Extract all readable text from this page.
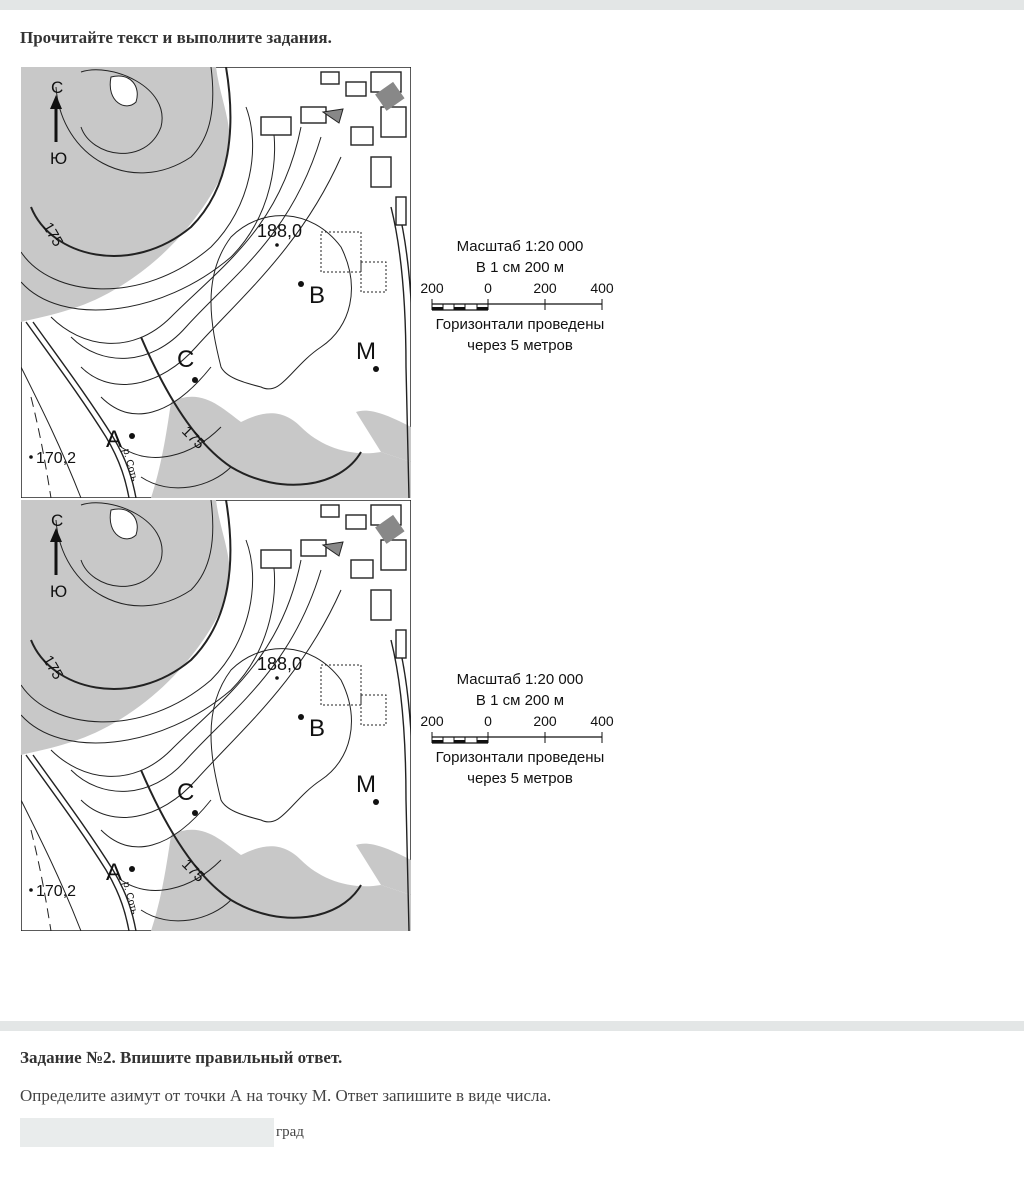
Прочитайте текст и выполните задания.
С
Ю
175
175
188,0
170,2
В
С	М
А
р. Соть
С
Ю
175
175
188,0
170,2
В
С	М
А
р. Соть
Масштаб 1:20 000
В 1 см 200 м
200	0	200 400
Горизонтали проведены
через 5 метров
Масштаб 1:20 000
В 1 см 200 м
200	0	200 400
Горизонтали проведены
через 5 метров
Задание №2. Впишите правильный ответ.
Определите азимут от точки А на точку М. Ответ запишите в виде числа.
град
